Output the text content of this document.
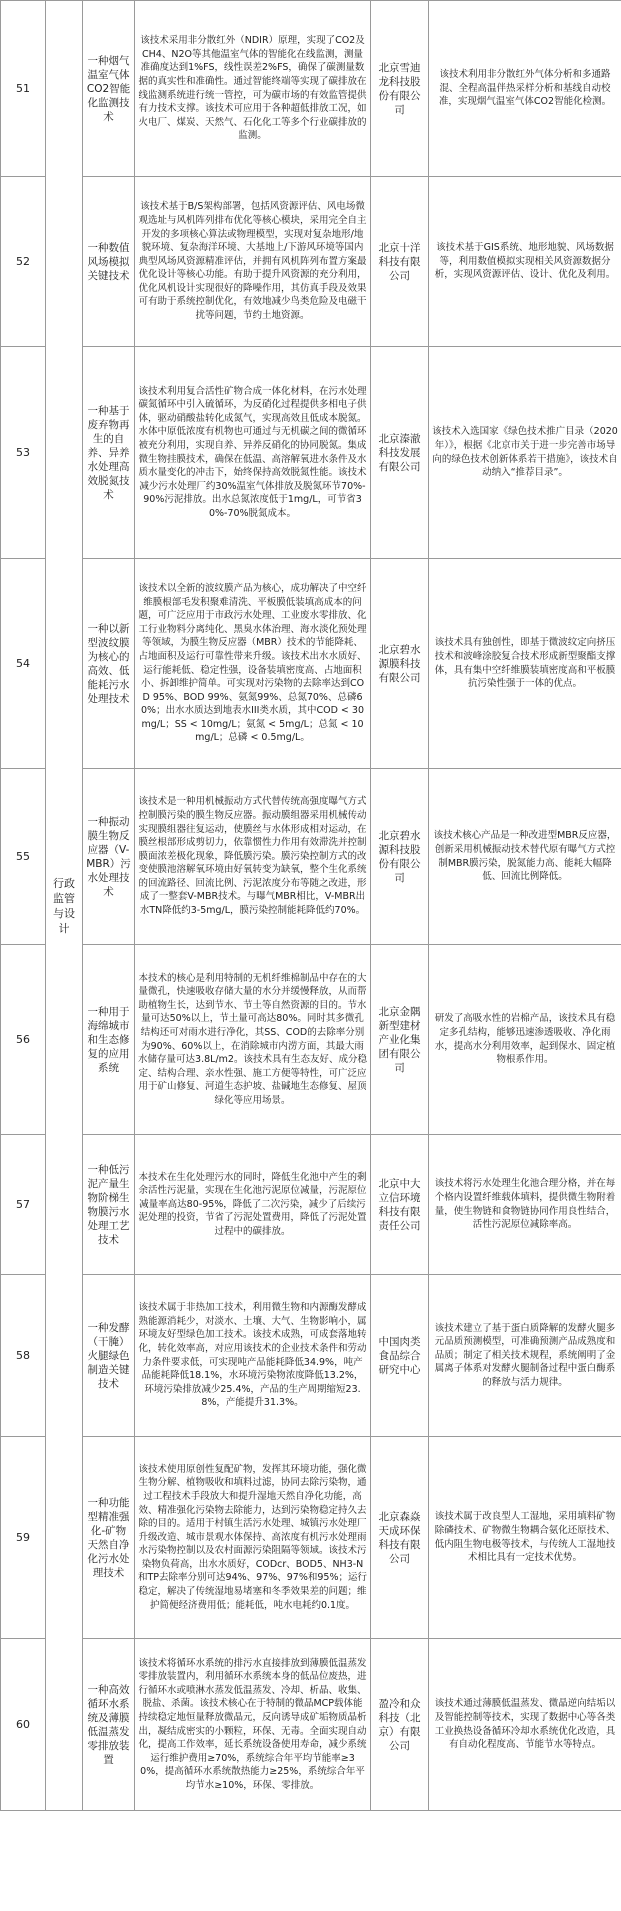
51	行政监管与设计	一种烟气温室气体CO2智能化监测技术	该技术采用非分散红外（NDIR）原理，实现了CO2及CH4、N2O等其他温室气体的智能化在线监测，测量准确度达到1%FS，线性误差2%FS，确保了碳测量数据的真实性和准确性。通过智能终端等实现了碳排放在线监测系统进行统一管控，可为碳市场的有效监管提供有力技术支撑。该技术可应用于各种超低排放工况，如火电厂、煤炭、天然气、石化化工等多个行业碳排放的监测。	北京雪迪龙科技股份有限公司	该技术利用非分散红外气体分析和多通路混、全程高温伴热采样分析和基线自动校准，实现烟气温室气体CO2智能化检测。
52		一种数值风场模拟关键技术	该技术基于B/S架构部署，包括风资源评估、风电场微观选址与风机阵列排布优化等核心模块，采用完全自主开发的多项核心算法或物理模型，实现对复杂地形/地貌环境、复杂海洋环境、大基地上/下游风环境等国内典型风场风资源精准评估，并拥有风机阵列布置方案最优化设计等核心功能。有助于提升风资源的充分利用，优化风机设计实现很好的降噪作用，其仿真手段及效果可有助于系统控制优化，有效地减少鸟类危险及电磁干扰等问题，节约土地资源。	北京十洋科技有限公司	该技术基于GIS系统、地形地貌、风场数据等，利用数值模拟实现相关风资源数据分析，实现风资源评估、设计、优化及利用。
53		一种基于废弃物再生的自养、异养水处理高效脱氮技术	该技术利用复合活性矿物合成一体化材料，在污水处理碳氮循环中引入硫循环，为反硝化过程提供多相电子供体，驱动硝酸盐转化成氮气，实现高效且低成本脱氮。水体中原低浓度有机物也可通过与无机碳之间的微循环被充分利用，实现自养、异养反硝化的协同脱氮。集成微生物挂膜技术，确保在低温、高溶解氧进水条件及水质水量变化的冲击下，始终保持高效脱氮性能。该技术减少污水处理厂约30%温室气体排放及脱氮环节70%-90%污泥排放。出水总氮浓度低于1mg/L，可节省30%-70%脱氮成本。	北京溱澈科技发展有限公司	该技术入选国家《绿色技术推广目录（2020年）》，根据《北京市关于进一步完善市场导向的绿色技术创新体系若干措施》，该技术自动纳入“推荐目录”。
54		一种以新型波纹膜为核心的高效、低能耗污水处理技术	该技术以全新的波纹膜产品为核心，成功解决了中空纤维膜根部毛发积聚难清洗、平板膜低装填高成本的问题，可广泛应用于市政污水处理、工业废水零排放、化工行业物料分离纯化、黑臭水体治理、海水淡化预处理等领域，为膜生物反应器（MBR）技术的节能降耗、占地面积及运行可靠性带来升级。该技术出水水质好、运行能耗低、稳定性强，设备装填密度高、占地面积小、拆卸维护简单。可实现对污染物的去除率达到COD 95%、BOD 99%、氨氮99%、总氮70%、总磷60%；出水水质达到地表水III类水质，其中COD < 30 mg/L；SS < 10mg/L；氨氮 < 5mg/L；总氮 < 10 mg/L；总磷 < 0.5mg/L。	北京碧水源膜科技有限公司	该技术具有独创性，即基于微波纹定向挤压技术和波峰涂胶复合技术形成新型聚酯支撑体，具有集中空纤维膜装填密度高和平板膜抗污染性强于一体的优点。
55		一种振动膜生物反应器（V-MBR）污水处理技术	该技术是一种用机械振动方式代替传统高强度曝气方式控制膜污染的膜生物反应器。振动膜组器采用机械传动实现膜组器往复运动，使膜丝与水体形成相对运动，在膜丝根部形成剪切力，依靠惯性力作用有效滞洗并控制膜面浓差极化现象，降低膜污染。膜污染控制方式的改变使膜池溶解氧环境由好氧转变为缺氧，整个生化系统的回流路径、回流比例、污泥浓度分布等随之改进，形成了一整套V-MBR技术。与曝气MBR相比，V-MBR出水TN降低约3-5mg/L，膜污染控制能耗降低约70%。	北京碧水源科技股份有限公司	该技术核心产品是一种改进型MBR反应器，创新采用机械振动技术替代原有曝气方式控制MBR膜污染，脱氮能力高、能耗大幅降低、回流比例降低。
56		一种用于海绵城市和生态修复的应用系统	本技术的核心是利用特制的无机纤维棉制品中存在的大量微孔，快速吸收存储大量的水分并缓慢释放，从而帮助植物生长，达到节水、节土等自然资源的目的。节水量可达50%以上，节土量可高达80%。同时其多微孔结构还可对雨水进行净化，其SS、COD的去除率分别为90%、60%以上，在消除城市内涝方面，其最大雨水储存量可达3.8L/m2。该技术具有生态友好、成分稳定、结构合理、亲水性强、施工方便等特性，可广泛应用于矿山修复、河道生态护坡、盐碱地生态修复、屋顶绿化等应用场景。	北京金隅新型建材产业化集团有限公司	研发了高吸水性的岩棉产品，该技术具有稳定多孔结构，能够迅速渗透吸收、净化雨水，提高水分利用效率，起到保水、固定植物根系作用。
57		一种低污泥产量生物阶梯生物膜污水处理工艺技术	本技术在生化处理污水的同时，降低生化池中产生的剩余活性污泥量，实现在生化池污泥原位减量，污泥原位减量率高达80-95%，降低了二次污染，减少了后续污泥处理的投资，节省了污泥处置费用，降低了污泥处置过程中的碳排放。	北京中大立信环境科技有限责任公司	该技术将污水处理生化池合理分格，并在每个格内设置纤维载体填料，提供微生物附着量，使生物链和食物链协同作用良性结合，活性污泥原位减除率高。
58		一种发酵（干腌）火腿绿色制造关键技术	该技术属于非热加工技术，利用微生物和内源酶发酵成熟能源消耗少，对淡水、土壤、大气、生物影响小，属环境友好型绿色加工技术。该技术成熟，可成套落地转化，转化效率高，对应用该技术的企业技术条件和劳动力条件要求低，可实现吨产品能耗降低34.9%，吨产品能耗降低18.1%，水环境污染物浓度降低13.2%，环境污染排放减少25.4%，产品的生产周期缩短23.8%，产能提升31.3%。	中国肉类食品综合研究中心	该技术建立了基于蛋白质降解的发酵火腿多元品质预测模型，可准确预测产品成熟度和品质；制定了相关技术规程，系统阐明了金属离子体系对发酵火腿制备过程中蛋白酶系的释放与活力规律。
59		一种功能型精准强化-矿物天然自净化污水处理技术	该技术使用原创性复配矿物，发挥其环境功能，强化微生物分解、植物吸收和填料过滤，协同去除污染物，通过工程技术手段放大和提升湿地天然自净化功能，高效、精准强化污染物去除能力，达到污染物稳定持久去除的目的。适用于村镇生活污水处理、城镇污水处理厂升级改造、城市景观水体保持、高浓度有机污水处理雨水污染物控制以及农村面源污染阻隔等领域。该技术污染物负荷高，出水水质好，CODcr、BOD5、NH3-N和TP去除率分别可达94%、97%、97%和95%；运行稳定，解决了传统湿地易堵塞和冬季效果差的问题；维护简便经济费用低；能耗低，吨水电耗约0.1度。	北京森焱天成环保科技有限公司	该技术属于改良型人工湿地，采用填料矿物除磷技术、矿物微生物耦合氨化还原技术、低内阻生物电极等技术，与传统人工湿地技术相比具有一定技术优势。
60		一种高效循环水系统及薄膜低温蒸发零排放装置	该技术将循环水系统的排污水直接排放到薄膜低温蒸发零排放装置内，利用循环水系统本身的低品位废热，进行循环水或喷淋水蒸发低温蒸发、冷却、析晶、收集、脱盐、杀菌。该技术核心在于特制的微晶MCP载体能持续稳定地恒量释放微晶元，反向诱导成矿垢物质晶析出，凝结成密实的小颗粒，环保、无毒。全面实现自动化，提高工作效率，延长系统设备使用寿命，减少系统运行维护费用≥70%，系统综合年平均节能率≥30%，提高循环水系统散热能力≥25%，系统综合年平均节水≥10%，环保、零排放。	盈冷和众科技（北京）有限公司	该技术通过薄膜低温蒸发、微晶逆向结垢以及智能控制等技术，实现了数据中心等各类工业换热设备循环冷却水系统优化改造，具有自动化程度高、节能节水等特点。
